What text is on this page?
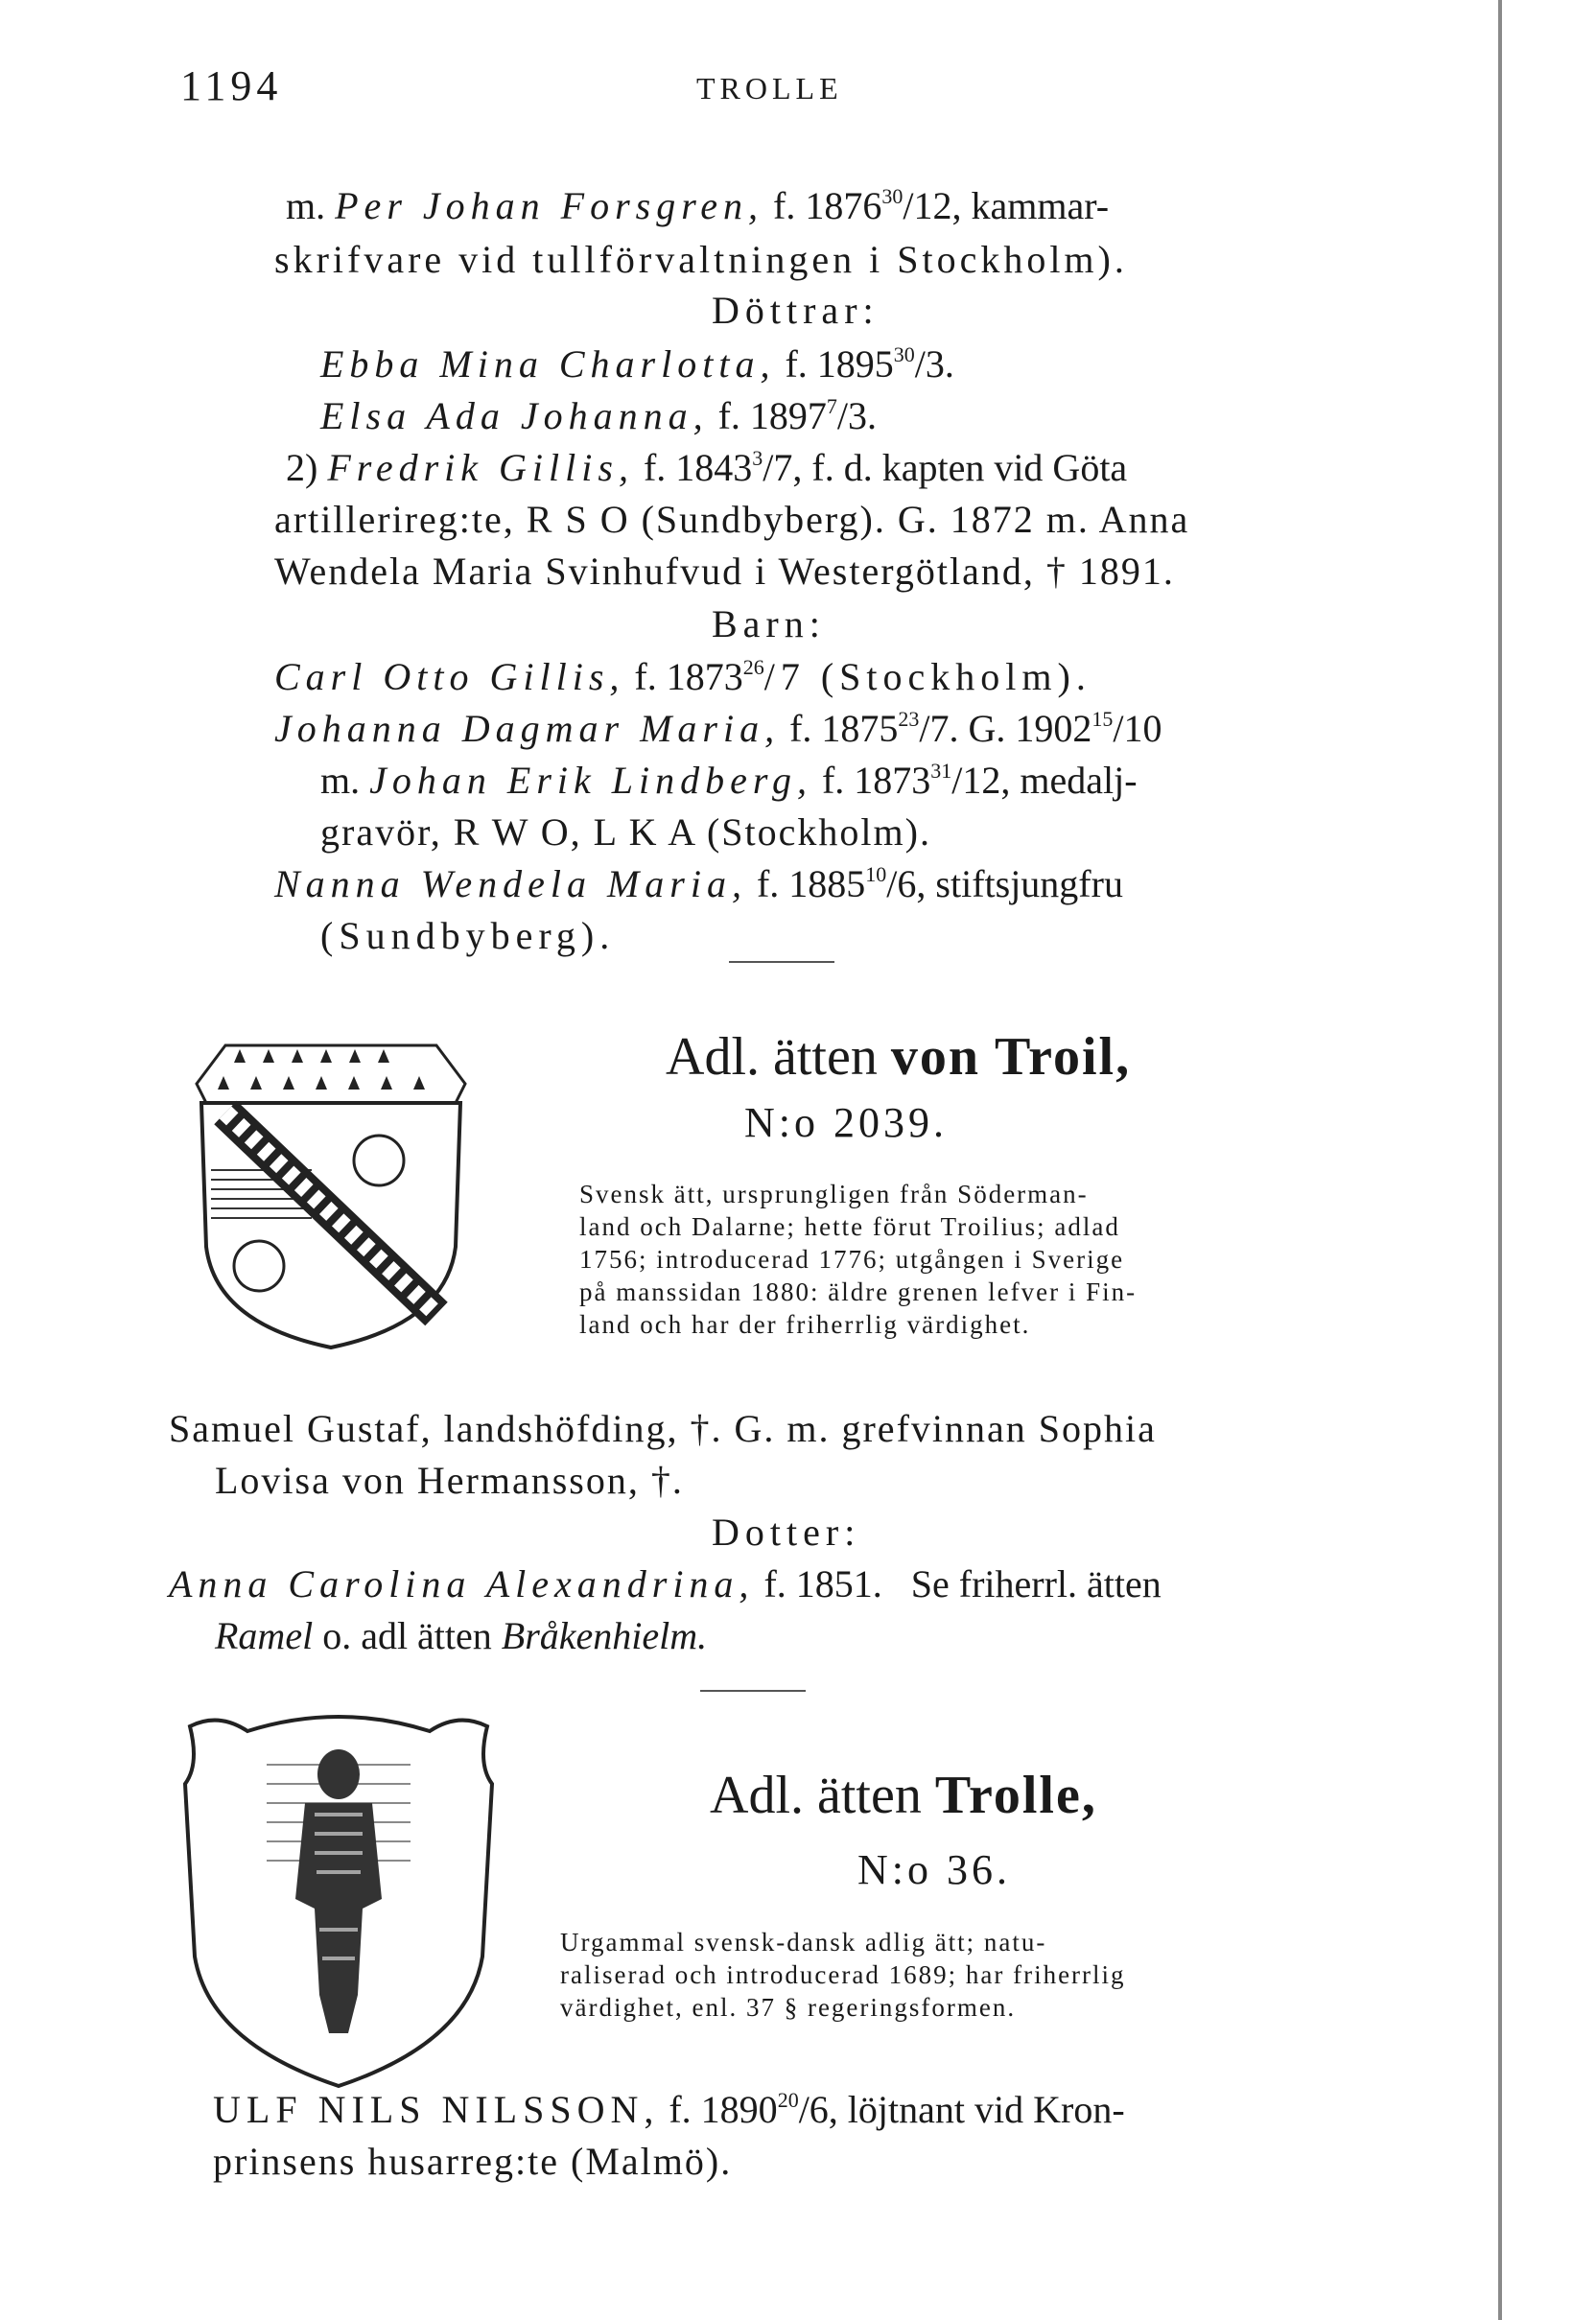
1194	TROLLE
m. Per Johan Forsgren, f. 1876$^{30}$/12, kammar-
skrifvare vid tullförvaltningen i Stockholm).
Döttrar:
Ebba Mina Charlotta, f. 1895$^{30}$/3.
Elsa Ada Johanna, f. 1897$^7$/3.
2) Fredrik Gillis, f. 1843$^3$/7, f. d. kapten vid Göta
artillerireg:te, R S O (Sundbyberg). G. 1872 m. Anna
Wendela Maria Svinhufvud i Westergötland, † 1891.
Barn:
Carl Otto Gillis, f. 1873$^{26}$/7 (Stockholm).
Johanna Dagmar Maria, f. 1875$^{23}$/7. G. 1902$^{15}$/10
m. Johan Erik Lindberg, f. 1873$^{31}$/12, medalj-
gravör, R W O, L K A (Stockholm).
Nanna Wendela Maria, f. 1885$^{10}$/6, stiftsjungfru
(Sundbyberg).
Adl. ätten von Troil,
N:o 2039.
Svensk ätt, ursprungligen från Söderman-
land och Dalarne; hette förut Troilius; adlad
1756; introducerad 1776; utgången i Sverige
på manssidan 1880: äldre grenen lefver i Fin-
land och har der friherrlig värdighet.
Samuel Gustaf, landshöfding, †. G. m. grefvinnan Sophia
Lovisa von Hermansson, †.
Dotter:
Anna Carolina Alexandrina, f. 1851. Se friherrl. ätten
Ramel o. adl ätten Bråkenhielm.
Adl. ätten Trolle,
N:o 36.
Urgammal svensk-dansk adlig ätt; natu-
raliserad och introducerad 1689; har friherrlig
värdighet, enl. 37 § regeringsformen.
ULF NILS NILSSON, f. 1890$^{20}$/6, löjtnant vid Kron-
prinsens husarreg:te (Malmö).
